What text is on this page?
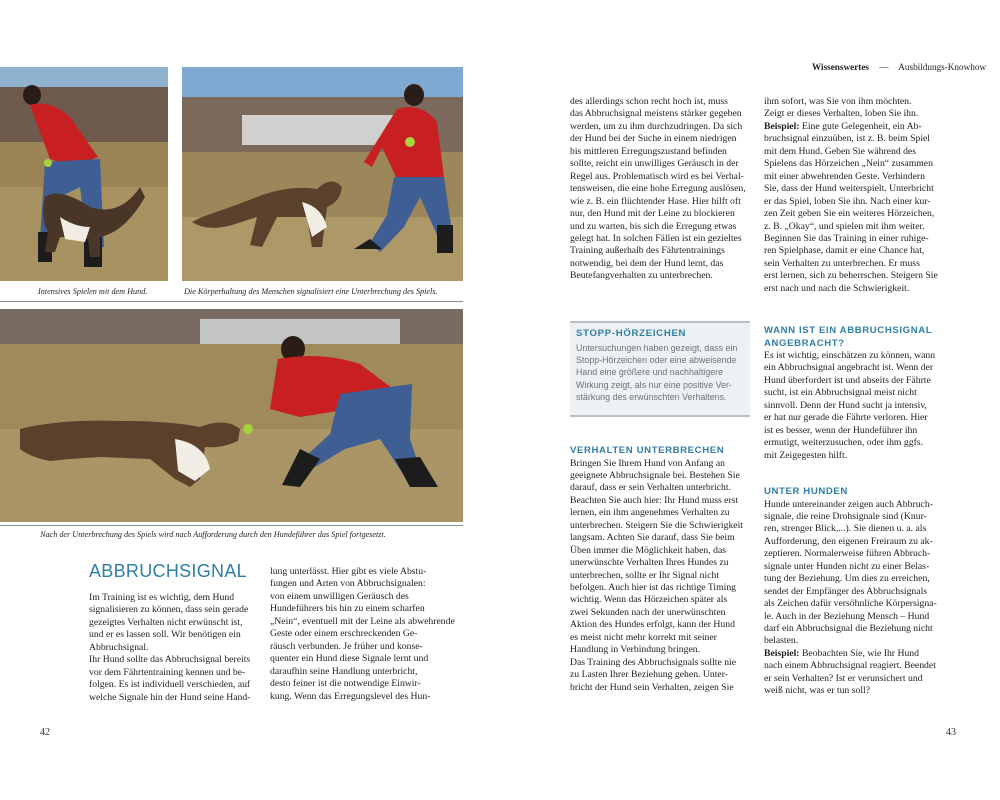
Intensives Spielen mit dem Hund.	Die Körperhaltung des Menschen signalisiert eine Unterbrechung des Spiels.
Nach der Unterbrechung des Spiels wird nach Aufforderung durch den Hundeführer das Spiel fortgesetzt.
ABBRUCHSIGNAL

Im Training ist es wichtig, dem Hund

signalisieren zu können, dass sein gerade

gezeigtes Verhalten nicht erwünscht ist,

und er es lassen soll. Wir benötigen ein

Abbruchsignal.

Ihr Hund sollte das Abbruchsignal bereits

vor dem Fährtentraining kennen und be-

folgen. Es ist individuell verschieden, auf

welche Signale hin der Hund seine Hand-

lung unterlässt. Hier gibt es viele Abstu-

fungen und Arten von Abbruchsignalen:

von einem unwilligen Geräusch des

Hundeführers bis hin zu einem scharfen

„Nein“, eventuell mit der Leine als abwehrende

Geste oder einem erschreckenden Ge-

räusch verbunden. Je früher und konse-

quenter ein Hund diese Signale lernt und

daraufhin seine Handlung unterbricht,

desto feiner ist die notwendige Einwir-

kung. Wenn das Erregungslevel des Hun-

42
Wissenswertes — Ausbildungs-Knowhow

des allerdings schon recht hoch ist, muss

das Abbruchsignal meistens stärker gegeben

werden, um zu ihm durchzudringen. Da sich

der Hund bei der Suche in einem niedrigen

bis mittleren Erregungszustand befinden

sollte, reicht ein unwilliges Geräusch in der

Regel aus. Problematisch wird es bei Verhal-

tensweisen, die eine hohe Erregung auslösen,

wie z. B. ein flüchtender Hase. Hier hilft oft

nur, den Hund mit der Leine zu blockieren

und zu warten, bis sich die Erregung etwas

gelegt hat. In solchen Fällen ist ein gezieltes

Training außerhalb des Fährtentrainings

notwendig, bei dem der Hund lernt, das

Beutefangverhalten zu unterbrechen.

STOPP-HÖRZEICHEN
Untersuchungen haben gezeigt, dass ein
Stopp-Hörzeichen oder eine abweisende
Hand eine größere und nachhaltigere
Wirkung zeigt, als nur eine positive Ver-
stärkung des erwünschten Verhaltens.
VERHALTEN UNTERBRECHEN

Bringen Sie Ihrem Hund von Anfang an

geeignete Abbruchsignale bei. Bestehen Sie

darauf, dass er sein Verhalten unterbricht.

Beachten Sie auch hier: Ihr Hund muss erst

lernen, ein ihm angenehmes Verhalten zu

unterbrechen. Steigern Sie die Schwierigkeit

langsam. Achten Sie darauf, dass Sie beim

Üben immer die Möglichkeit haben, das

unerwünschte Verhalten Ihres Hundes zu

unterbrechen, sollte er Ihr Signal nicht

befolgen. Auch hier ist das richtige Timing

wichtig. Wenn das Hörzeichen später als

zwei Sekunden nach der unerwünschten

Aktion des Hundes erfolgt, kann der Hund

es meist nicht mehr korrekt mit seiner

Handlung in Verbindung bringen.

Das Training des Abbruchsignals sollte nie

zu Lasten Ihrer Beziehung gehen. Unter-

bricht der Hund sein Verhalten, zeigen Sie

ihm sofort, was Sie von ihm möchten.

Zeigt er dieses Verhalten, loben Sie ihn.

Beispiel: Eine gute Gelegenheit, ein Ab-

bruchsignal einzuüben, ist z. B. beim Spiel

mit dem Hund. Geben Sie während des

Spielens das Hörzeichen „Nein“ zusammen

mit einer abwehrenden Geste. Verhindern

Sie, dass der Hund weiterspielt. Unterbricht

er das Spiel, loben Sie ihn. Nach einer kur-

zen Zeit geben Sie ein weiteres Hörzeichen,

z. B. „Okay“, und spielen mit ihm weiter.

Beginnen Sie das Training in einer ruhige-

ren Spielphase, damit er eine Chance hat,

sein Verhalten zu unterbrechen. Er muss

erst lernen, sich zu beherrschen. Steigern Sie

erst nach und nach die Schwierigkeit.

WANN IST EIN ABBRUCHSIGNAL
ANGEBRACHT?

Es ist wichtig, einschätzen zu können, wann

ein Abbruchsignal angebracht ist. Wenn der

Hund überfordert ist und abseits der Fährte

sucht, ist ein Abbruchsignal meist nicht

sinnvoll. Denn der Hund sucht ja intensiv,

er hat nur gerade die Fährte verloren. Hier

ist es besser, wenn der Hundeführer ihn

ermutigt, weiterzusuchen, oder ihm ggfs.

mit Zeigegesten hilft.

UNTER HUNDEN

Hunde untereinander zeigen auch Abbruch-

signale, die reine Drohsignale sind (Knur-

ren, strenger Blick,...). Sie dienen u. a. als

Aufforderung, den eigenen Freiraum zu ak-

zeptieren. Normalerweise führen Abbruch-

signale unter Hunden nicht zu einer Belas-

tung der Beziehung. Um dies zu erreichen,

sendet der Empfänger des Abbruchsignals

als Zeichen dafür versöhnliche Körpersigna-

le. Auch in der Beziehung Mensch – Hund

darf ein Abbruchsignal die Beziehung nicht

belasten.

Beispiel: Beobachten Sie, wie Ihr Hund

nach einem Abbruchsignal reagiert. Beendet

er sein Verhalten? Ist er verunsichert und

weiß nicht, was er tun soll?

43
